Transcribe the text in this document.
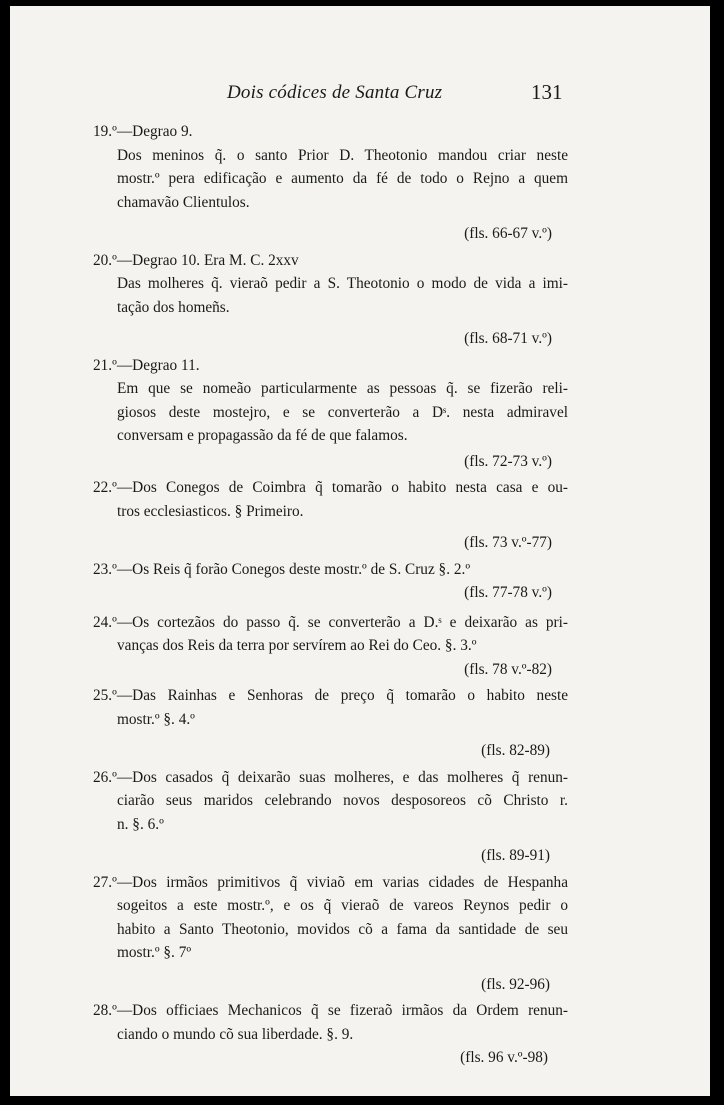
Dois códices de Santa Cruz	131
19.º—Degrao 9.
Dos meninos q̃. o santo Prior D. Theotonio mandou criar neste
mostr.º pera edificação e aumento da fé de todo o Rejno a quem
chamavão Clientulos.
(fls. 66-67 v.º)
20.º—Degrao 10. Era M. C. 2xxv
Das molheres q̃. vieraõ pedir a S. Theotonio o modo de vida a imi-
tação dos homeñs.
(fls. 68-71 v.º)
21.º—Degrao 11.
Em que se nomeão particularmente as pessoas q̃. se fizerão reli-
giosos deste mostejro, e se converterão a Dˢ. nesta admiravel
conversam e propagassão da fé de que falamos.
(fls. 72-73 v.º)
22.º—Dos Conegos de Coimbra q̃ tomarão o habito nesta casa e ou-
tros ecclesiasticos. § Primeiro.
(fls. 73 v.º-77)
23.º—Os Reis q̃ forão Conegos deste mostr.º de S. Cruz §. 2.º
(fls. 77-78 v.º)
24.º—Os cortezãos do passo q̃. se converterão a D.ˢ e deixarão as pri-
vanças dos Reis da terra por servírem ao Rei do Ceo. §. 3.º
(fls. 78 v.º-82)
25.º—Das Rainhas e Senhoras de preço q̃ tomarão o habito neste
mostr.º §. 4.º
(fls. 82-89)
26.º—Dos casados q̃ deixarão suas molheres, e das molheres q̃ renun-
ciarão seus maridos celebrando novos desposoreos cõ Christo r.
n. §. 6.º
(fls. 89-91)
27.º—Dos irmãos primitivos q̃ viviaõ em varias cidades de Hespanha
sogeitos a este mostr.º, e os q̃ vieraõ de vareos Reynos pedir o
habito a Santo Theotonio, movidos cõ a fama da santidade de seu
mostr.º §. 7º
(fls. 92-96)
28.º—Dos officiaes Mechanicos q̃ se fizeraõ irmãos da Ordem renun-
ciando o mundo cõ sua liberdade. §. 9.
(fls. 96 v.º-98)
